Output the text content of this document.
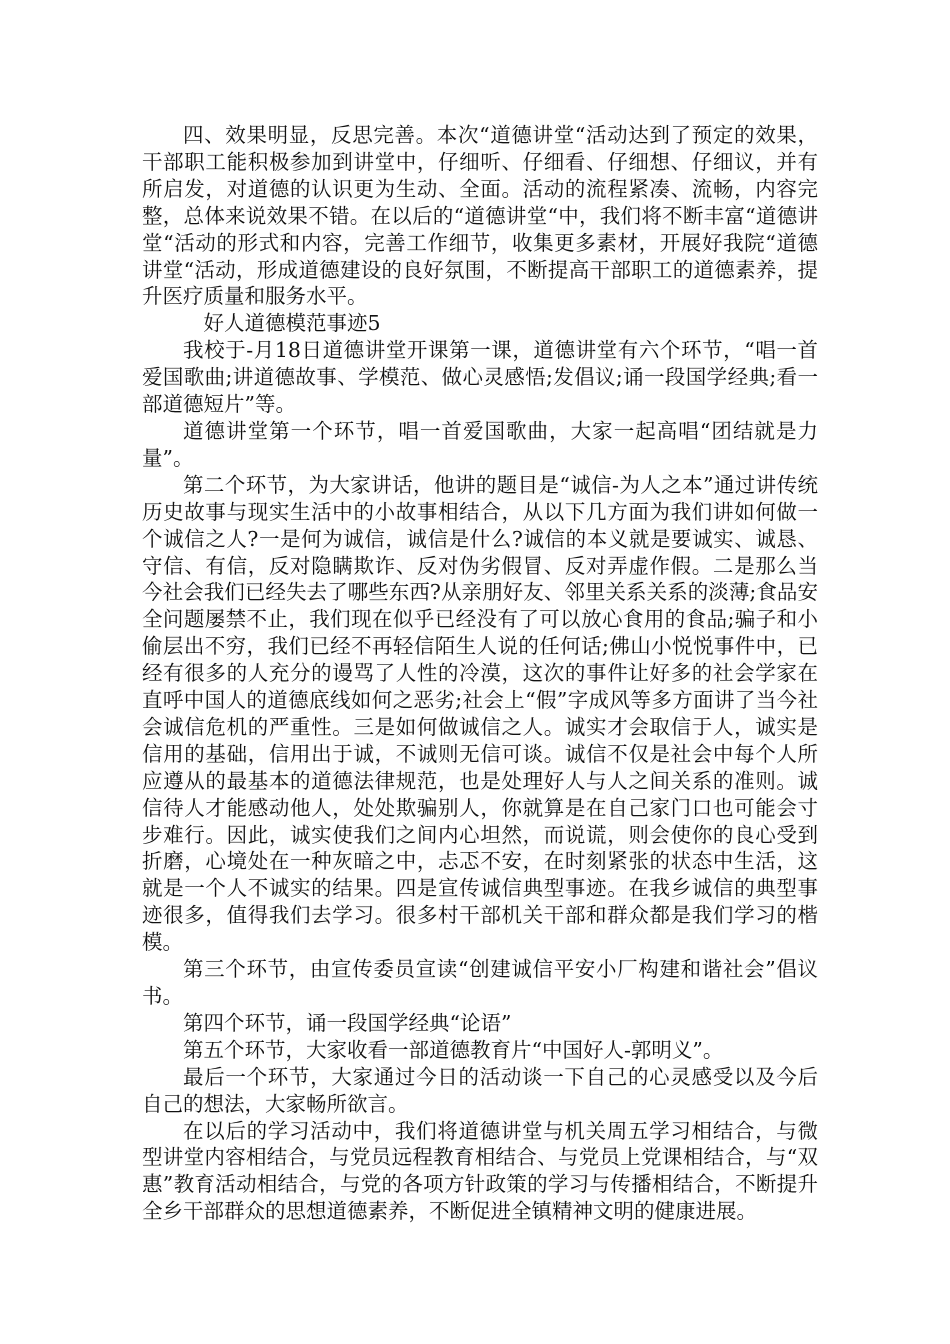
四、效果明显，反思完善。本次“道德讲堂“活动达到了预定的效果，干部职工能积极参加到讲堂中，仔细听、仔细看、仔细想、仔细议，并有所启发，对道德的认识更为生动、全面。活动的流程紧凑、流畅，内容完整，总体来说效果不错。在以后的“道德讲堂“中，我们将不断丰富“道德讲堂“活动的形式和内容，完善工作细节，收集更多素材，开展好我院“道德讲堂“活动，形成道德建设的良好氛围，不断提高干部职工的道德素养，提升医疗质量和服务水平。

好人道德模范事迹5

我校于-月18日道德讲堂开课第一课，道德讲堂有六个环节，“唱一首爱国歌曲;讲道德故事、学模范、做心灵感悟;发倡议;诵一段国学经典;看一部道德短片”等。

道德讲堂第一个环节，唱一首爱国歌曲，大家一起高唱“团结就是力量”。

第二个环节，为大家讲话，他讲的题目是“诚信-为人之本”通过讲传统历史故事与现实生活中的小故事相结合，从以下几方面为我们讲如何做一个诚信之人?一是何为诚信，诚信是什么?诚信的本义就是要诚实、诚恳、守信、有信，反对隐瞒欺诈、反对伪劣假冒、反对弄虚作假。二是那么当今社会我们已经失去了哪些东西?从亲朋好友、邻里关系关系的淡薄;食品安全问题屡禁不止，我们现在似乎已经没有了可以放心食用的食品;骗子和小偷层出不穷，我们已经不再轻信陌生人说的任何话;佛山小悦悦事件中，已经有很多的人充分的谩骂了人性的冷漠，这次的事件让好多的社会学家在直呼中国人的道德底线如何之恶劣;社会上“假”字成风等多方面讲了当今社会诚信危机的严重性。三是如何做诚信之人。诚实才会取信于人，诚实是信用的基础，信用出于诚，不诚则无信可谈。诚信不仅是社会中每个人所应遵从的最基本的道德法律规范，也是处理好人与人之间关系的准则。诚信待人才能感动他人，处处欺骗别人，你就算是在自己家门口也可能会寸步难行。因此，诚实使我们之间内心坦然，而说谎，则会使你的良心受到折磨，心境处在一种灰暗之中，忐忑不安，在时刻紧张的状态中生活，这就是一个人不诚实的结果。四是宣传诚信典型事迹。在我乡诚信的典型事迹很多，值得我们去学习。很多村干部机关干部和群众都是我们学习的楷模。

第三个环节，由宣传委员宣读“创建诚信平安小厂构建和谐社会”倡议书。

第四个环节，诵一段国学经典“论语”

第五个环节，大家收看一部道德教育片“中国好人-郭明义”。

最后一个环节，大家通过今日的活动谈一下自己的心灵感受以及今后自己的想法，大家畅所欲言。

在以后的学习活动中，我们将道德讲堂与机关周五学习相结合，与微型讲堂内容相结合，与党员远程教育相结合、与党员上党课相结合，与“双惠”教育活动相结合，与党的各项方针政策的学习与传播相结合，不断提升全乡干部群众的思想道德素养，不断促进全镇精神文明的健康进展。
